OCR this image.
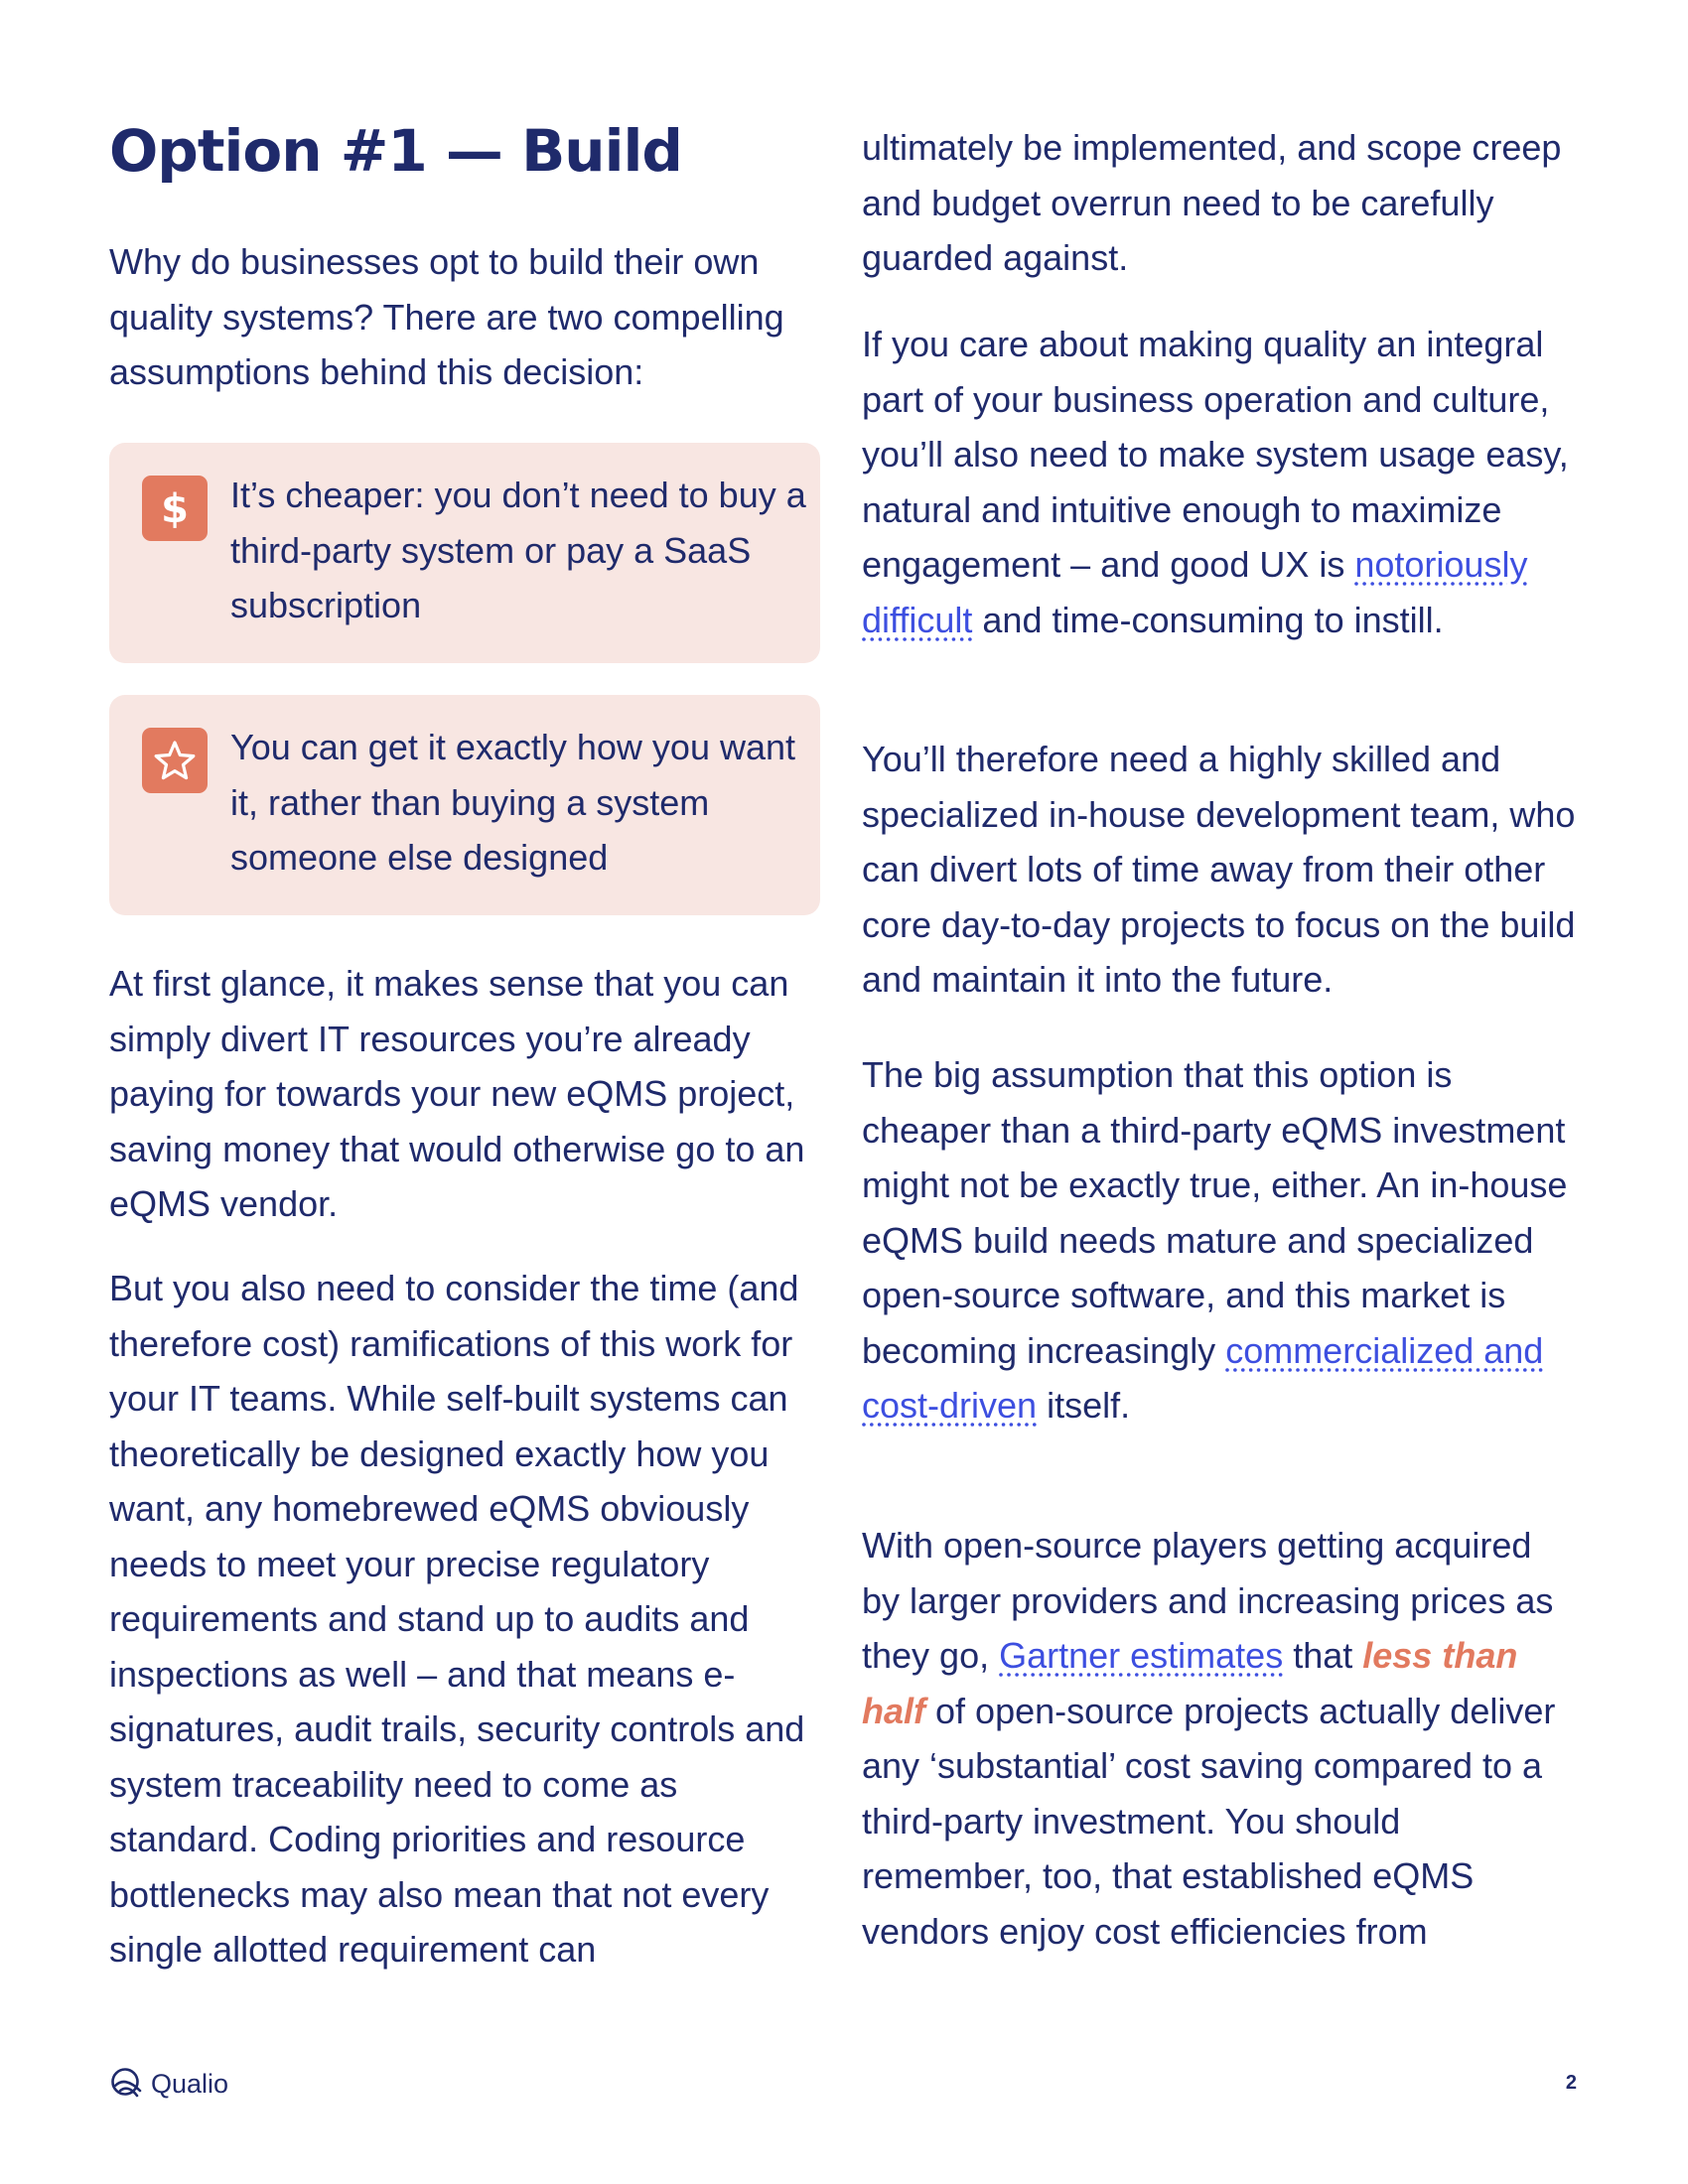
Option #1 — Build

Why do businesses opt to build their own quality systems? There are two compelling assumptions behind this decision:

$ It’s cheaper: you don’t need to buy a third-party system or pay a SaaS subscription
You can get it exactly how you want it, rather than buying a system someone else designed

At first glance, it makes sense that you can simply divert IT resources you’re already paying for towards your new eQMS project, saving money that would otherwise go to an eQMS vendor.

But you also need to consider the time (and therefore cost) ramifications of this work for your IT teams. While self-built systems can theoretically be designed exactly how you want, any homebrewed eQMS obviously needs to meet your precise regulatory requirements and stand up to audits and inspections as well – and that means e-signatures, audit trails, security controls and system traceability need to come as standard. Coding priorities and resource bottlenecks may also mean that not every single allotted requirement can

ultimately be implemented, and scope creep and budget overrun need to be carefully guarded against.

If you care about making quality an integral part of your business operation and culture, you’ll also need to make system usage easy, natural and intuitive enough to maximize engagement – and good UX is notoriously difficult and time-consuming to instill.

You’ll therefore need a highly skilled and specialized in-house development team, who can divert lots of time away from their other core day-to-day projects to focus on the build and maintain it into the future.

The big assumption that this option is cheaper than a third-party eQMS investment might not be exactly true, either. An in-house eQMS build needs mature and specialized open-source software, and this market is becoming increasingly commercialized and cost-driven itself.

With open-source players getting acquired by larger providers and increasing prices as they go, Gartner estimates that less than half of open-source projects actually deliver any ‘substantial’ cost saving compared to a third-party investment. You should remember, too, that established eQMS vendors enjoy cost efficiencies from

Qualio	2
